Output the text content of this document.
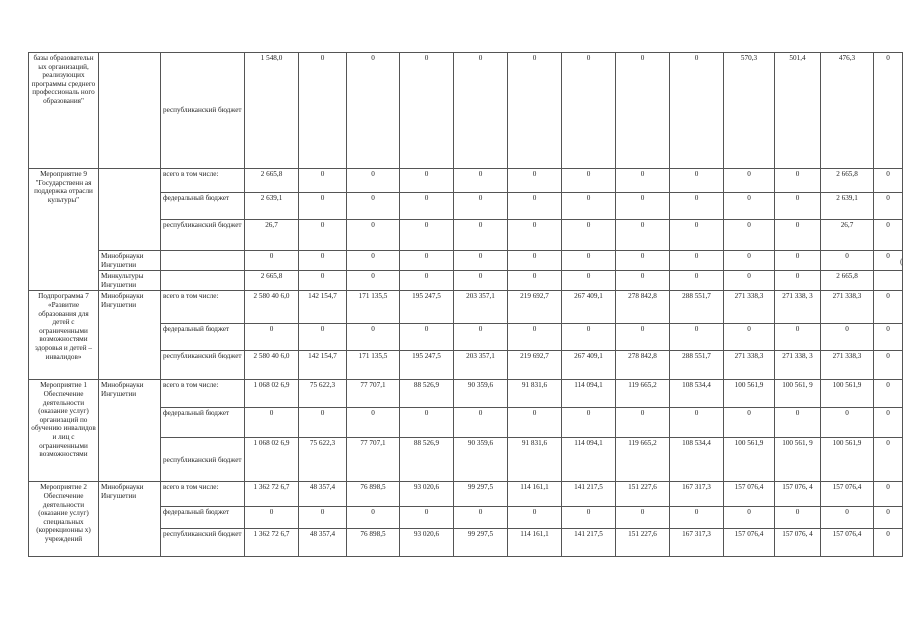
базы образовательн ых организаций, реализующих программы среднего профессиональ ного образования"		республиканский бюджет	1 548,0	0	0	0	0	0	0	0	0	570,3	501,4	476,3	0
Мероприятие 9 "Государственн ая поддержка отрасли культуры"		всего в том числе:	2 665,8	0	0	0	0	0	0	0	0	0	0	2 665,8	0
		федеральный бюджет	2 639,1	0	0	0	0	0	0	0	0	0	0	2 639,1	0
		республиканский бюджет	26,7	0	0	0	0	0	0	0	0	0	0	26,7	0
	Минобрнауки Ингушетии		0	0	0	0	0	0	0	0	0	0	0	0	0
	Минкультуры Ингушетии		2 665,8	0	0	0	0	0	0	0	0	0	0	2 665,8	
Подпрограмма 7 «Развитие образования для детей с ограниченными возможностями здоровья и детей – инвалидов»	Минобрнауки Ингушетии	всего в том числе:	2 580 40 6,0	142 154,7	171 135,5	195 247,5	203 357,1	219 692,7	267 409,1	278 842,8	288 551,7	271 338,3	271 338, 3	271 338,3	0
		федеральный бюджет	0	0	0	0	0	0	0	0	0	0	0	0	0
		республиканский бюджет	2 580 40 6,0	142 154,7	171 135,5	195 247,5	203 357,1	219 692,7	267 409,1	278 842,8	288 551,7	271 338,3	271 338, 3	271 338,3	0
Мероприятие 1 Обеспечение деятельности (оказание услуг) организаций по обучению инвалидов и лиц с ограниченными возможностями	Минобрнауки Ингушетии	всего в том числе:	1 068 02 6,9	75 622,3	77 707,1	88 526,9	90 359,6	91 831,6	114 094,1	119 665,2	108 534,4	100 561,9	100 561, 9	100 561,9	0
		федеральный бюджет	0	0	0	0	0	0	0	0	0	0	0	0	0
		республиканский бюджет	1 068 02 6,9	75 622,3	77 707,1	88 526,9	90 359,6	91 831,6	114 094,1	119 665,2	108 534,4	100 561,9	100 561, 9	100 561,9	0
Мероприятие 2 Обеспечение деятельности (оказание услуг) специальных (коррекционны х) учреждений	Минобрнауки Ингушетии	всего в том числе:	1 362 72 6,7	48 357,4	76 898,5	93 020,6	99 297,5	114 161,1	141 217,5	151 227,6	167 317,3	157 076,4	157 076, 4	157 076,4	0
		федеральный бюджет	0	0	0	0	0	0	0	0	0	0	0	0	0
		республиканский бюджет	1 362 72 6,7	48 357,4	76 898,5	93 020,6	99 297,5	114 161,1	141 217,5	151 227,6	167 317,3	157 076,4	157 076, 4	157 076,4	0
(
